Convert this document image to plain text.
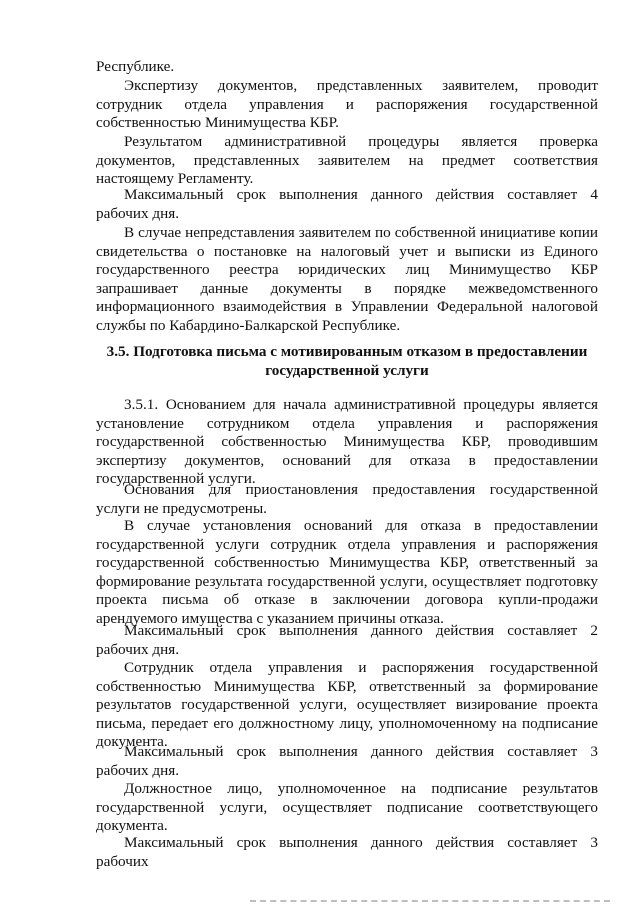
Республике.

Экспертизу документов, представленных заявителем, проводит сотрудник отдела управления и распоряжения государственной собственностью Минимущества КБР.

Результатом административной процедуры является проверка документов, представленных заявителем на предмет соответствия настоящему Регламенту.

Максимальный срок выполнения данного действия составляет 4 рабочих дня.

В случае непредставления заявителем по собственной инициативе копии свидетельства о постановке на налоговый учет и выписки из Единого государственного реестра юридических лиц Минимущество КБР запрашивает данные документы в порядке межведомственного информационного взаимодействия в Управлении Федеральной налоговой службы по Кабардино-Балкарской Республике.

3.5. Подготовка письма с мотивированным отказом в предоставлении государственной услуги

3.5.1. Основанием для начала административной процедуры является установление сотрудником отдела управления и распоряжения государственной собственностью Минимущества КБР, проводившим экспертизу документов, оснований для отказа в предоставлении государственной услуги.

Основания для приостановления предоставления государственной услуги не предусмотрены.

В случае установления оснований для отказа в предоставлении государственной услуги сотрудник отдела управления и распоряжения государственной собственностью Минимущества КБР, ответственный за формирование результата государственной услуги, осуществляет подготовку проекта письма об отказе в заключении договора купли-продажи арендуемого имущества с указанием причины отказа.

Максимальный срок выполнения данного действия составляет 2 рабочих дня.

Сотрудник отдела управления и распоряжения государственной собственностью Минимущества КБР, ответственный за формирование результатов государственной услуги, осуществляет визирование проекта письма, передает его должностному лицу, уполномоченному на подписание документа.

Максимальный срок выполнения данного действия составляет 3 рабочих дня.

Должностное лицо, уполномоченное на подписание результатов государственной услуги, осуществляет подписание соответствующего документа.

Максимальный срок выполнения данного действия составляет 3 рабочих
